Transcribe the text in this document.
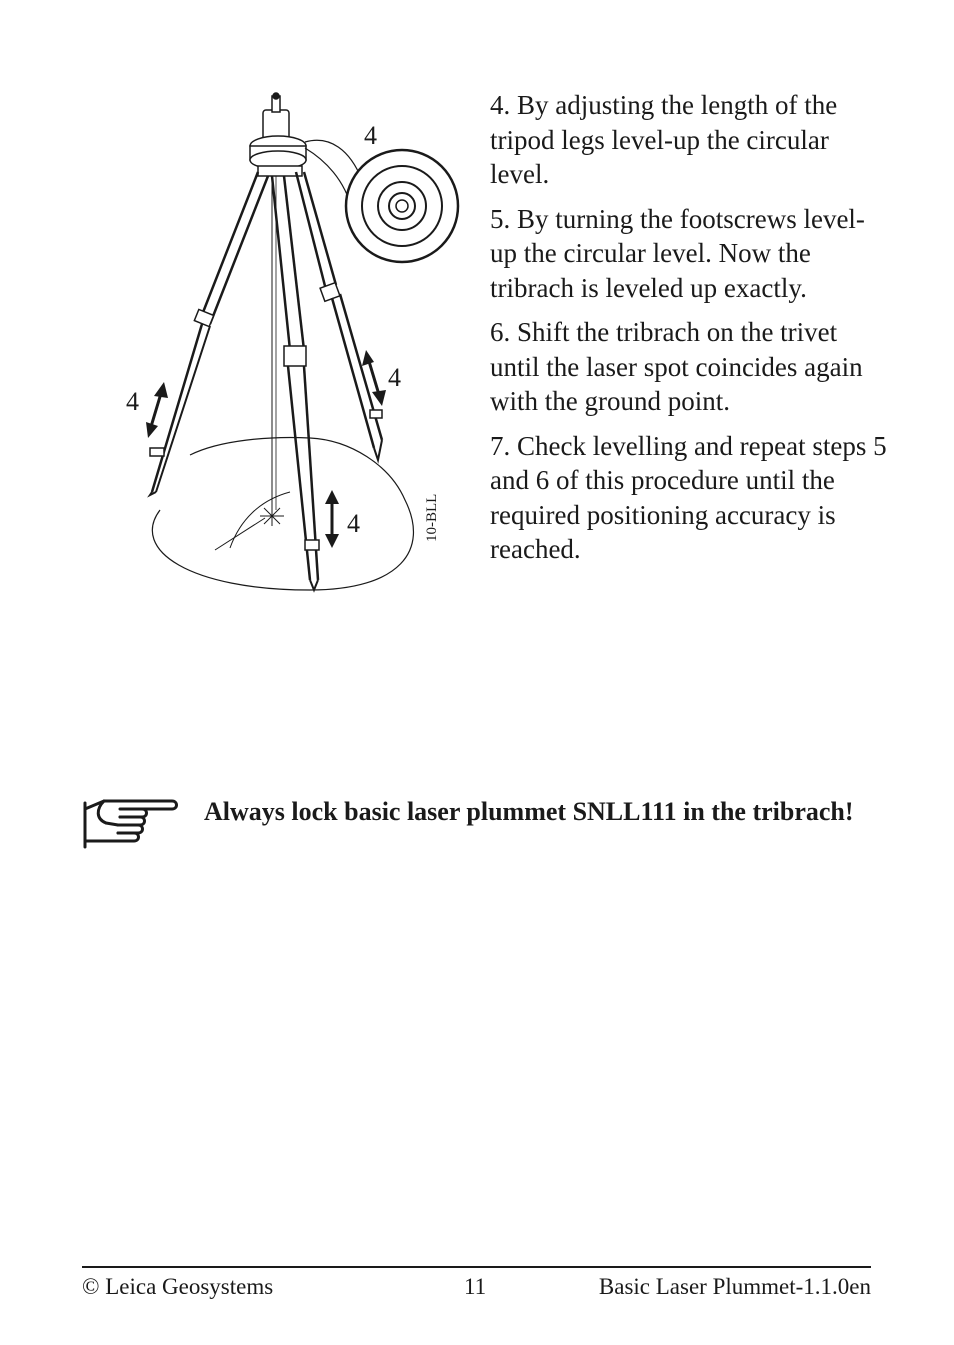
4
4
4
4	10-BLL

4. By adjusting the length of the tripod legs level-up the circular level.

5. By turning the footscrews level-up the circular level. Now the tribrach is leveled up exactly.

6. Shift the tribrach on the trivet until the laser spot coincides again with the ground point.

7. Check levelling and repeat steps 5 and 6 of this procedure until the required positioning accuracy is reached.

Always lock basic laser plummet SNLL111 in the tribrach!
© Leica Geosystems	11	Basic Laser Plummet-1.1.0en
